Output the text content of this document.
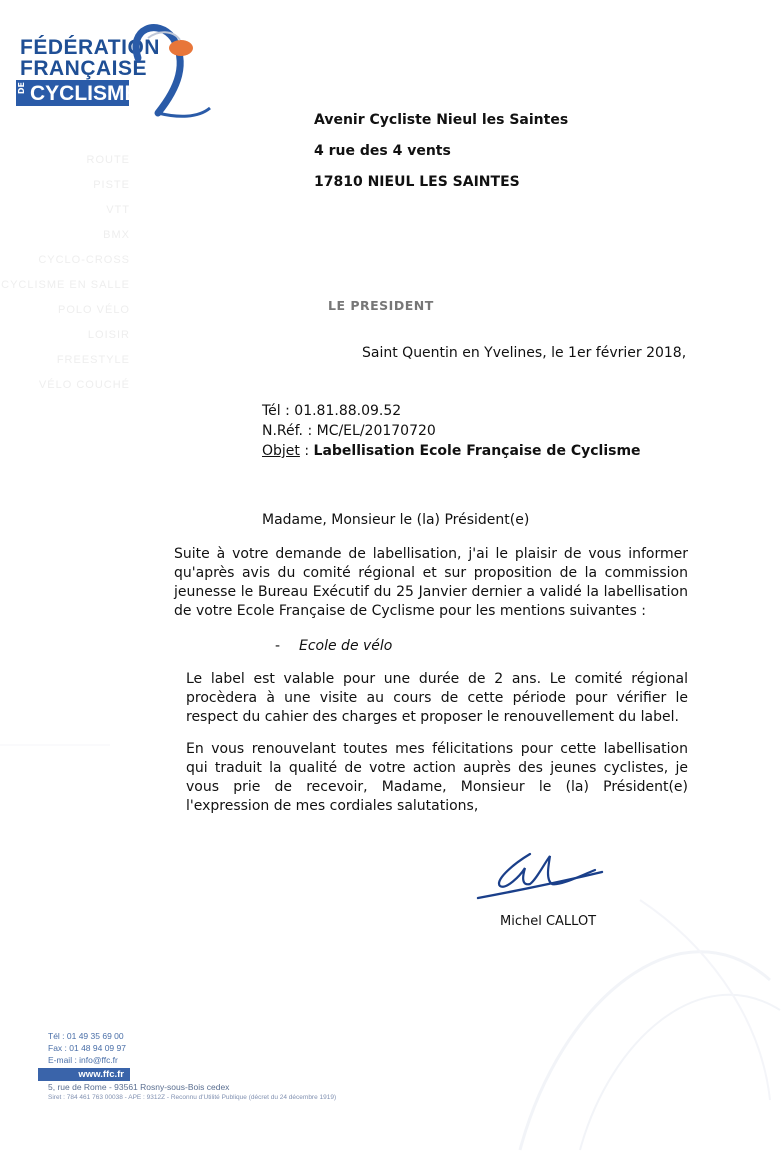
FÉDÉRATION
FRANÇAISE
DE CYCLISME
ROUTE
PISTE
VTT
BMX
CYCLO-CROSS
CYCLISME EN SALLE
POLO VÉLO
LOISIR
FREESTYLE
VÉLO COUCHÉ
Avenir Cycliste Nieul les Saintes
4 rue des 4 vents
17810 NIEUL LES SAINTES
LE PRESIDENT
Saint Quentin en Yvelines, le 1er février 2018,
Tél : 01.81.88.09.52
N.Réf. : MC/EL/20170720
Objet : Labellisation Ecole Française de Cyclisme
Madame, Monsieur le (la) Président(e)
Suite à votre demande de labellisation, j'ai le plaisir de vous informer qu'après avis du comité régional et sur proposition de la commission jeunesse le Bureau Exécutif du 25 Janvier dernier a validé la labellisation de votre Ecole Française de Cyclisme pour les mentions suivantes :
- Ecole de vélo
Le label est valable pour une durée de 2 ans. Le comité régional procèdera à une visite au cours de cette période pour vérifier le respect du cahier des charges et proposer le renouvellement du label.
En vous renouvelant toutes mes félicitations pour cette labellisation qui traduit la qualité de votre action auprès des jeunes cyclistes, je vous prie de recevoir, Madame, Monsieur le (la) Président(e) l'expression de mes cordiales salutations,
Michel CALLOT
Tél : 01 49 35 69 00
Fax : 01 48 94 09 97
E-mail : info@ffc.fr
www.ffc.fr
5, rue de Rome - 93561 Rosny-sous-Bois cedex
Siret : 784 461 763 00038 - APE : 9312Z - Reconnu d'Utilité Publique (décret du 24 décembre 1919)
